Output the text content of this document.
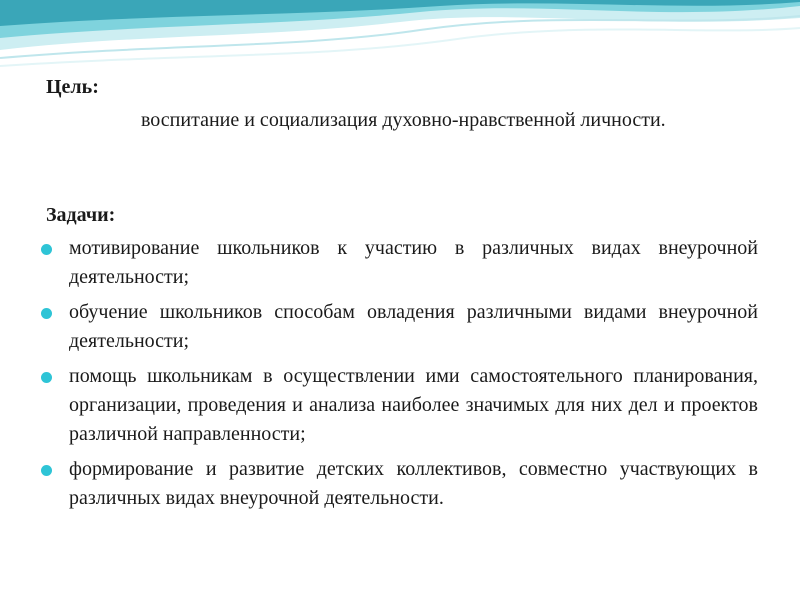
Цель:
воспитание и социализация духовно-нравственной личности.
Задачи:
мотивирование школьников к участию в различных видах внеурочной деятельности;
обучение школьников способам овладения различными видами внеурочной деятельности;
помощь школьникам в осуществлении ими самостоятельного планирования, организации, проведения и анализа наиболее значимых для них дел и проектов различной направленности;
формирование и развитие детских коллективов, совместно участвующих в различных видах внеурочной деятельности.
